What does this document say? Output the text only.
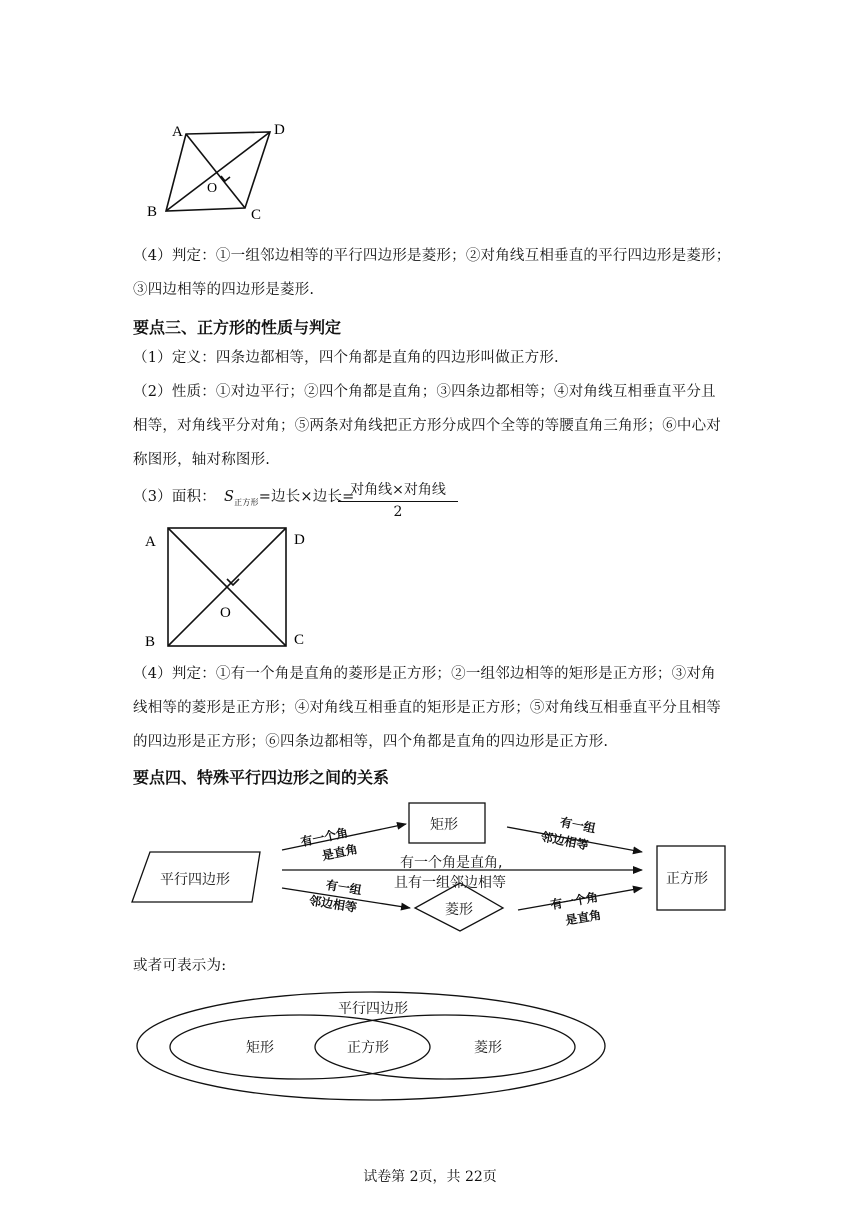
A	D
O
B	C
（4）判定：①一组邻边相等的平行四边形是菱形；②对角线互相垂直的平行四边形是菱形；
③四边相等的四边形是菱形.
要点三、正方形的性质与判定
（1）定义：四条边都相等，四个角都是直角的四边形叫做正方形.
（2）性质：①对边平行；②四个角都是直角；③四条边都相等；④对角线互相垂直平分且
相等，对角线平分对角；⑤两条对角线把正方形分成四个全等的等腰直角三角形；⑥中心对
称图形，轴对称图形.
（3）面积： $S_{正方形}=$边长×边长=
对角线×对角线
2
A	D
O
B	C
（4）判定：①有一个角是直角的菱形是正方形；②一组邻边相等的矩形是正方形；③对角
线相等的菱形是正方形；④对角线互相垂直的矩形是正方形；⑤对角线互相垂直平分且相等
的四边形是正方形；⑥四条边都相等，四个角都是直角的四边形是正方形.
要点四、特殊平行四边形之间的关系
平行四边形
矩形
菱形
正方形
有一个角是直角,
且有一组邻边相等
有一个角
是直角
有一组
邻边相等
有一组
邻边相等	有一个角
是直角
或者可表示为:
平行四边形
矩形	正方形	菱形
试卷第 2页，共 22页
